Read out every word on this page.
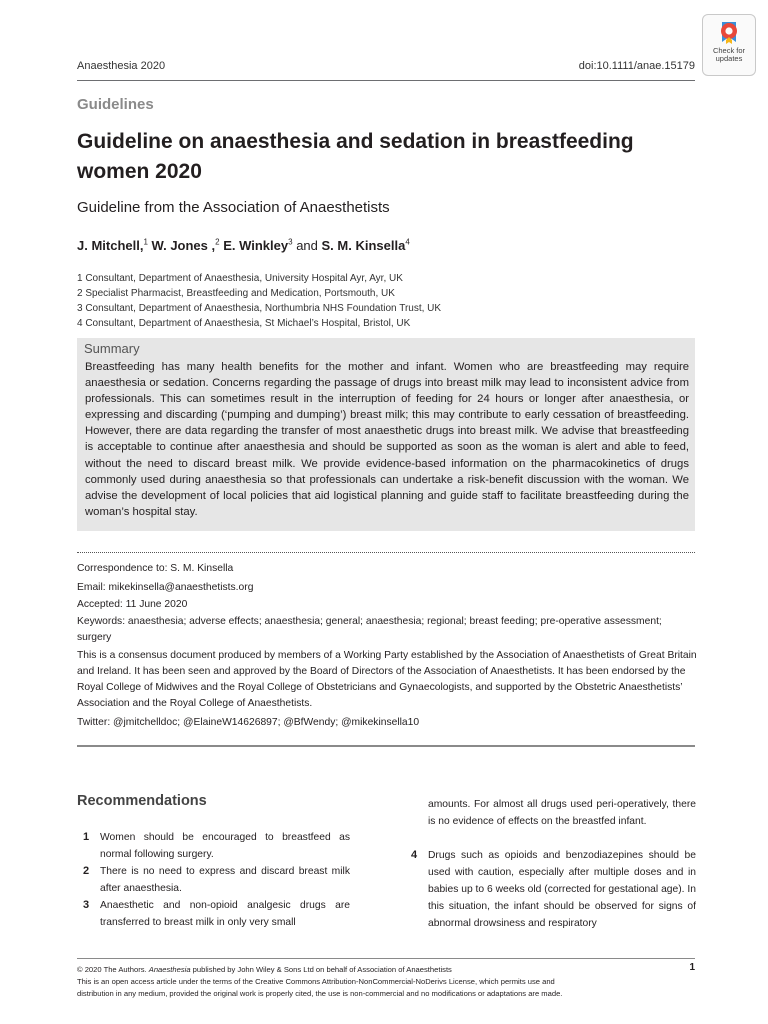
Anaesthesia 2020	doi:10.1111/anae.15179
Check for
updates
Guidelines
Guideline on anaesthesia and sedation in breastfeeding women 2020
Guideline from the Association of Anaesthetists
J. Mitchell,$^1$ W. Jones ,$^2$ E. Winkley$^3$ and S. M. Kinsella$^4$
1 Consultant, Department of Anaesthesia, University Hospital Ayr, Ayr, UK
2 Specialist Pharmacist, Breastfeeding and Medication, Portsmouth, UK
3 Consultant, Department of Anaesthesia, Northumbria NHS Foundation Trust, UK
4 Consultant, Department of Anaesthesia, St Michael’s Hospital, Bristol, UK
Summary
Breastfeeding has many health benefits for the mother and infant. Women who are breastfeeding may require anaesthesia or sedation. Concerns regarding the passage of drugs into breast milk may lead to inconsistent advice from professionals. This can sometimes result in the interruption of feeding for 24 hours or longer after anaesthesia, or expressing and discarding (‘pumping and dumping’) breast milk; this may contribute to early cessation of breastfeeding. However, there are data regarding the transfer of most anaesthetic drugs into breast milk. We advise that breastfeeding is acceptable to continue after anaesthesia and should be supported as soon as the woman is alert and able to feed, without the need to discard breast milk. We provide evidence-based information on the pharmacokinetics of drugs commonly used during anaesthesia so that professionals can undertake a risk-benefit discussion with the woman. We advise the development of local policies that aid logistical planning and guide staff to facilitate breastfeeding during the woman’s hospital stay.
Correspondence to: S. M. Kinsella
Email: mikekinsella@anaesthetists.org
Accepted: 11 June 2020
Keywords: anaesthesia; adverse effects; anaesthesia; general; anaesthesia; regional; breast feeding; pre-operative assessment; surgery
This is a consensus document produced by members of a Working Party established by the Association of Anaesthetists of Great Britain and Ireland. It has been seen and approved by the Board of Directors of the Association of Anaesthetists. It has been endorsed by the Royal College of Midwives and the Royal College of Obstetricians and Gynaecologists, and supported by the Obstetric Anaesthetists’ Association and the Royal College of Anaesthetists.
Twitter: @jmitchelldoc; @ElaineW14626897; @BfWendy; @mikekinsella10
Recommendations
1 Women should be encouraged to breastfeed as normal following surgery.
2 There is no need to express and discard breast milk after anaesthesia.
3 Anaesthetic and non-opioid analgesic drugs are transferred to breast milk in only very small
amounts. For almost all drugs used peri-operatively, there is no evidence of effects on the breastfed infant.
4 Drugs such as opioids and benzodiazepines should be used with caution, especially after multiple doses and in babies up to 6 weeks old (corrected for gestational age). In this situation, the infant should be observed for signs of abnormal drowsiness and respiratory
© 2020 The Authors. Anaesthesia published by John Wiley & Sons Ltd on behalf of Association of Anaesthetists
This is an open access article under the terms of the Creative Commons Attribution-NonCommercial-NoDerivs License, which permits use and
distribution in any medium, provided the original work is properly cited, the use is non-commercial and no modifications or adaptations are made.
1
